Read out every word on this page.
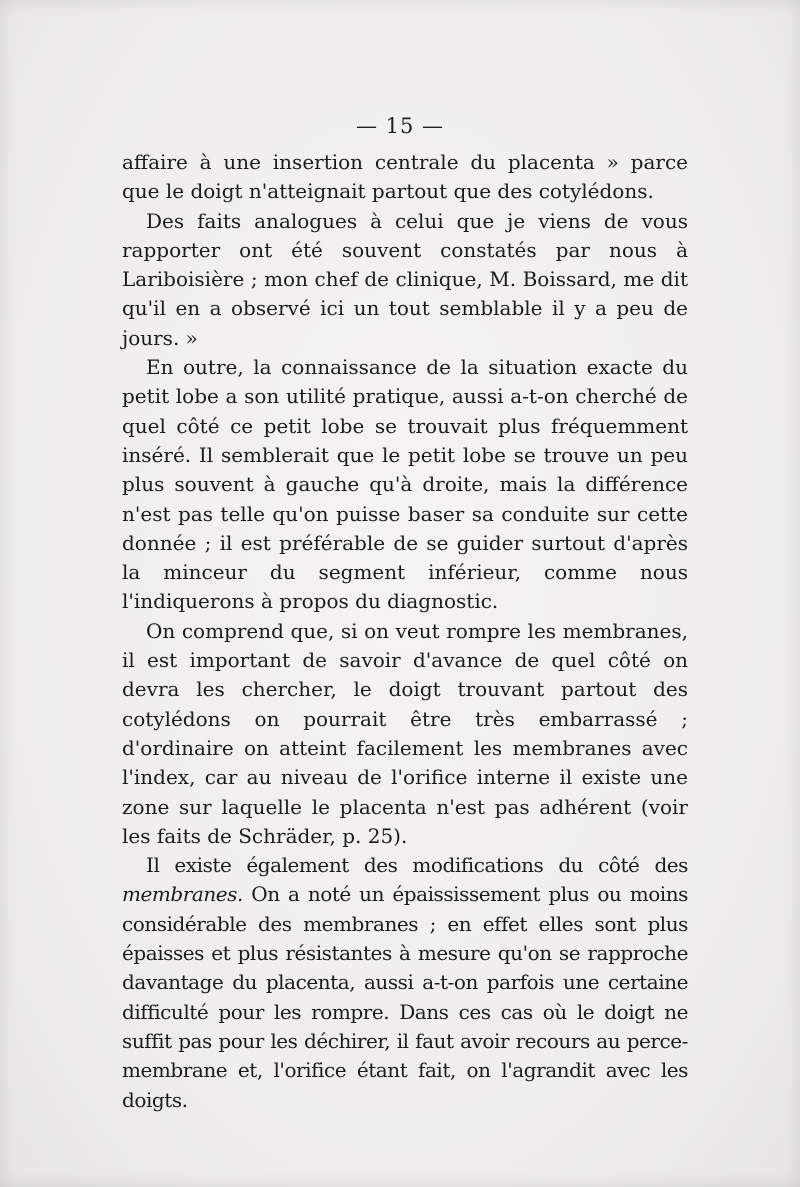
— 15 —

affaire à une insertion centrale du placenta » parce que le doigt n'atteignait partout que des cotylédons.

Des faits analogues à celui que je viens de vous rapporter ont été souvent constatés par nous à Lariboisière ; mon chef de clinique, M. Boissard, me dit qu'il en a observé ici un tout semblable il y a peu de jours. »

En outre, la connaissance de la situation exacte du petit lobe a son utilité pratique, aussi a-t-on cherché de quel côté ce petit lobe se trouvait plus fréquemment inséré. Il semblerait que le petit lobe se trouve un peu plus souvent à gauche qu'à droite, mais la différence n'est pas telle qu'on puisse baser sa conduite sur cette donnée ; il est préférable de se guider surtout d'après la minceur du segment inférieur, comme nous l'indiquerons à propos du diagnostic.

On comprend que, si on veut rompre les membranes, il est important de savoir d'avance de quel côté on devra les chercher, le doigt trouvant partout des cotylédons on pourrait être très embarrassé ; d'ordinaire on atteint facilement les membranes avec l'index, car au niveau de l'orifice interne il existe une zone sur laquelle le placenta n'est pas adhérent (voir les faits de Schräder, p. 25).

Il existe également des modifications du côté des membranes. On a noté un épaississement plus ou moins considérable des membranes ; en effet elles sont plus épaisses et plus résistantes à mesure qu'on se rapproche davantage du placenta, aussi a-t-on parfois une certaine difficulté pour les rompre. Dans ces cas où le doigt ne suffit pas pour les déchirer, il faut avoir recours au perce-membrane et, l'orifice étant fait, on l'agrandit avec les doigts.
